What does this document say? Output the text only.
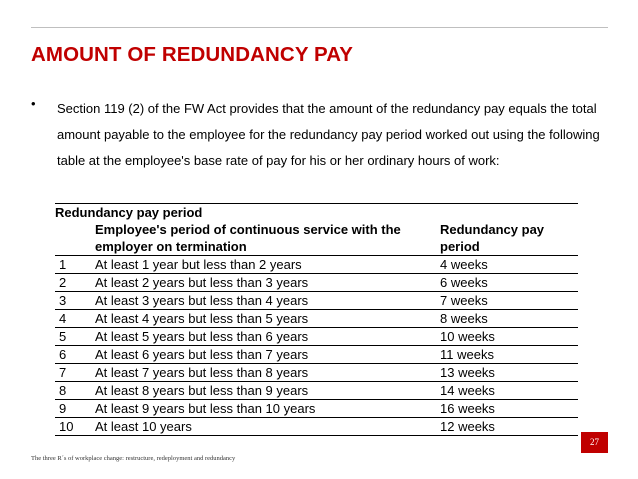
AMOUNT OF REDUNDANCY PAY
• Section 119 (2) of the FW Act provides that the amount of the redundancy pay equals the total amount payable to the employee for the redundancy pay period worked out using the following table at the employee's base rate of pay for his or her ordinary hours of work:
Redundancy pay period		
	Employee's period of continuous service with the employer on termination	Redundancy pay period
1	At least 1 year but less than 2 years	4 weeks
2	At least 2 years but less than 3 years	6 weeks
3	At least 3 years but less than 4 years	7 weeks
4	At least 4 years but less than 5 years	8 weeks
5	At least 5 years but less than 6 years	10 weeks
6	At least 6 years but less than 7 years	11 weeks
7	At least 7 years but less than 8 years	13 weeks
8	At least 8 years but less than 9 years	14 weeks
9	At least 9 years but less than 10 years	16 weeks
10	At least 10 years	12 weeks
The three R´s of workplace change: restructure, redeployment and redundancy
27
